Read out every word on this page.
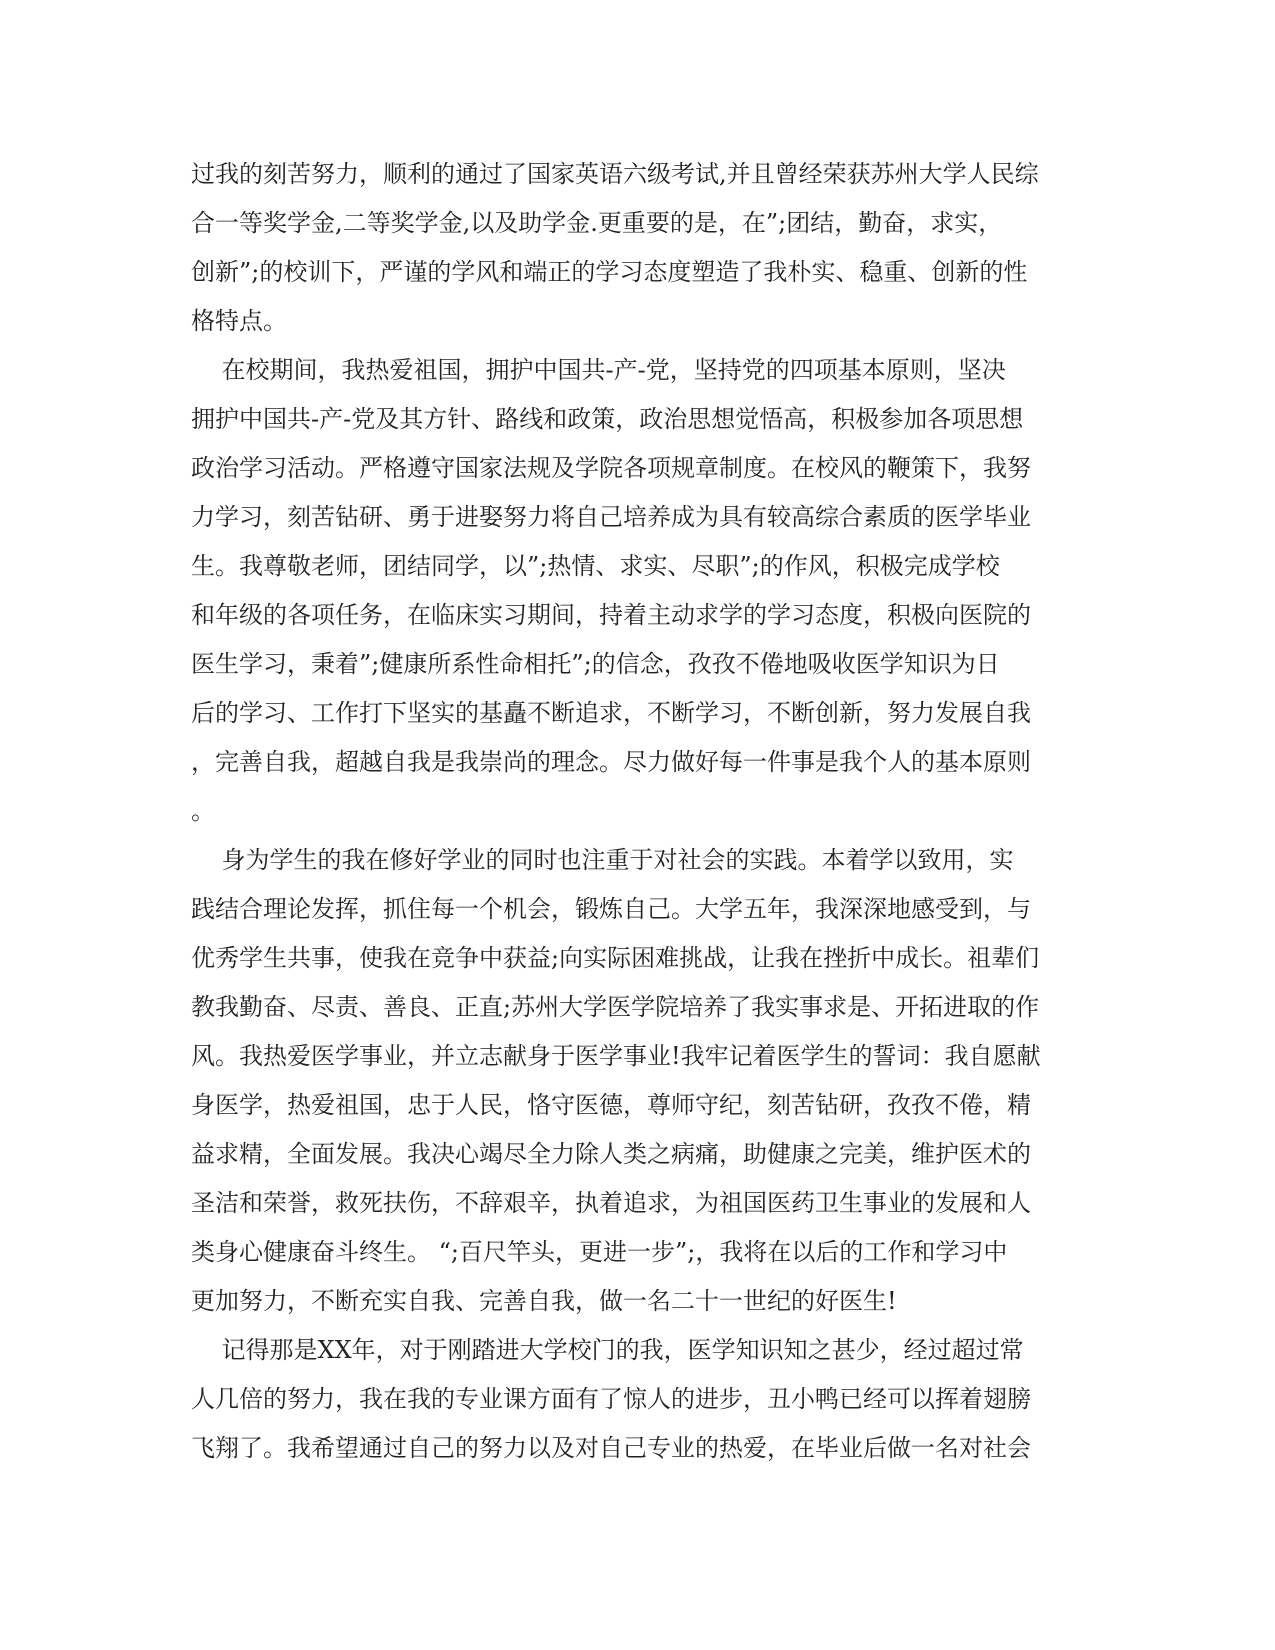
过我的刻苦努力，顺利的通过了国家英语六级考试,并且曾经荣获苏州大学人民综
合一等奖学金,二等奖学金,以及助学金.更重要的是，在”;团结，勤奋，求实，
创新”;的校训下，严谨的学风和端正的学习态度塑造了我朴实、稳重、创新的性
格特点。
在校期间，我热爱祖国，拥护中国共-产-党，坚持党的四项基本原则，坚决
拥护中国共-产-党及其方针、路线和政策，政治思想觉悟高，积极参加各项思想
政治学习活动。严格遵守国家法规及学院各项规章制度。在校风的鞭策下，我努
力学习，刻苦钻研、勇于进娶努力将自己培养成为具有较高综合素质的医学毕业
生。我尊敬老师，团结同学，以”;热情、求实、尽职”;的作风，积极完成学校
和年级的各项任务，在临床实习期间，持着主动求学的学习态度，积极向医院的
医生学习，秉着”;健康所系性命相托”;的信念，孜孜不倦地吸收医学知识为日
后的学习、工作打下坚实的基矗不断追求，不断学习，不断创新，努力发展自我
，完善自我，超越自我是我崇尚的理念。尽力做好每一件事是我个人的基本原则
。
身为学生的我在修好学业的同时也注重于对社会的实践。本着学以致用，实
践结合理论发挥，抓住每一个机会，锻炼自己。大学五年，我深深地感受到，与
优秀学生共事，使我在竞争中获益;向实际困难挑战，让我在挫折中成长。祖辈们
教我勤奋、尽责、善良、正直;苏州大学医学院培养了我实事求是、开拓进取的作
风。我热爱医学事业，并立志献身于医学事业!我牢记着医学生的誓词：我自愿献
身医学，热爱祖国，忠于人民，恪守医德，尊师守纪，刻苦钻研，孜孜不倦，精
益求精，全面发展。我决心竭尽全力除人类之病痛，助健康之完美，维护医术的
圣洁和荣誉，救死扶伤，不辞艰辛，执着追求，为祖国医药卫生事业的发展和人
类身心健康奋斗终生。 “;百尺竿头，更进一步”;，我将在以后的工作和学习中
更加努力，不断充实自我、完善自我，做一名二十一世纪的好医生!
记得那是XX年，对于刚踏进大学校门的我，医学知识知之甚少，经过超过常
人几倍的努力，我在我的专业课方面有了惊人的进步，丑小鸭已经可以挥着翅膀
飞翔了。我希望通过自己的努力以及对自己专业的热爱，在毕业后做一名对社会
